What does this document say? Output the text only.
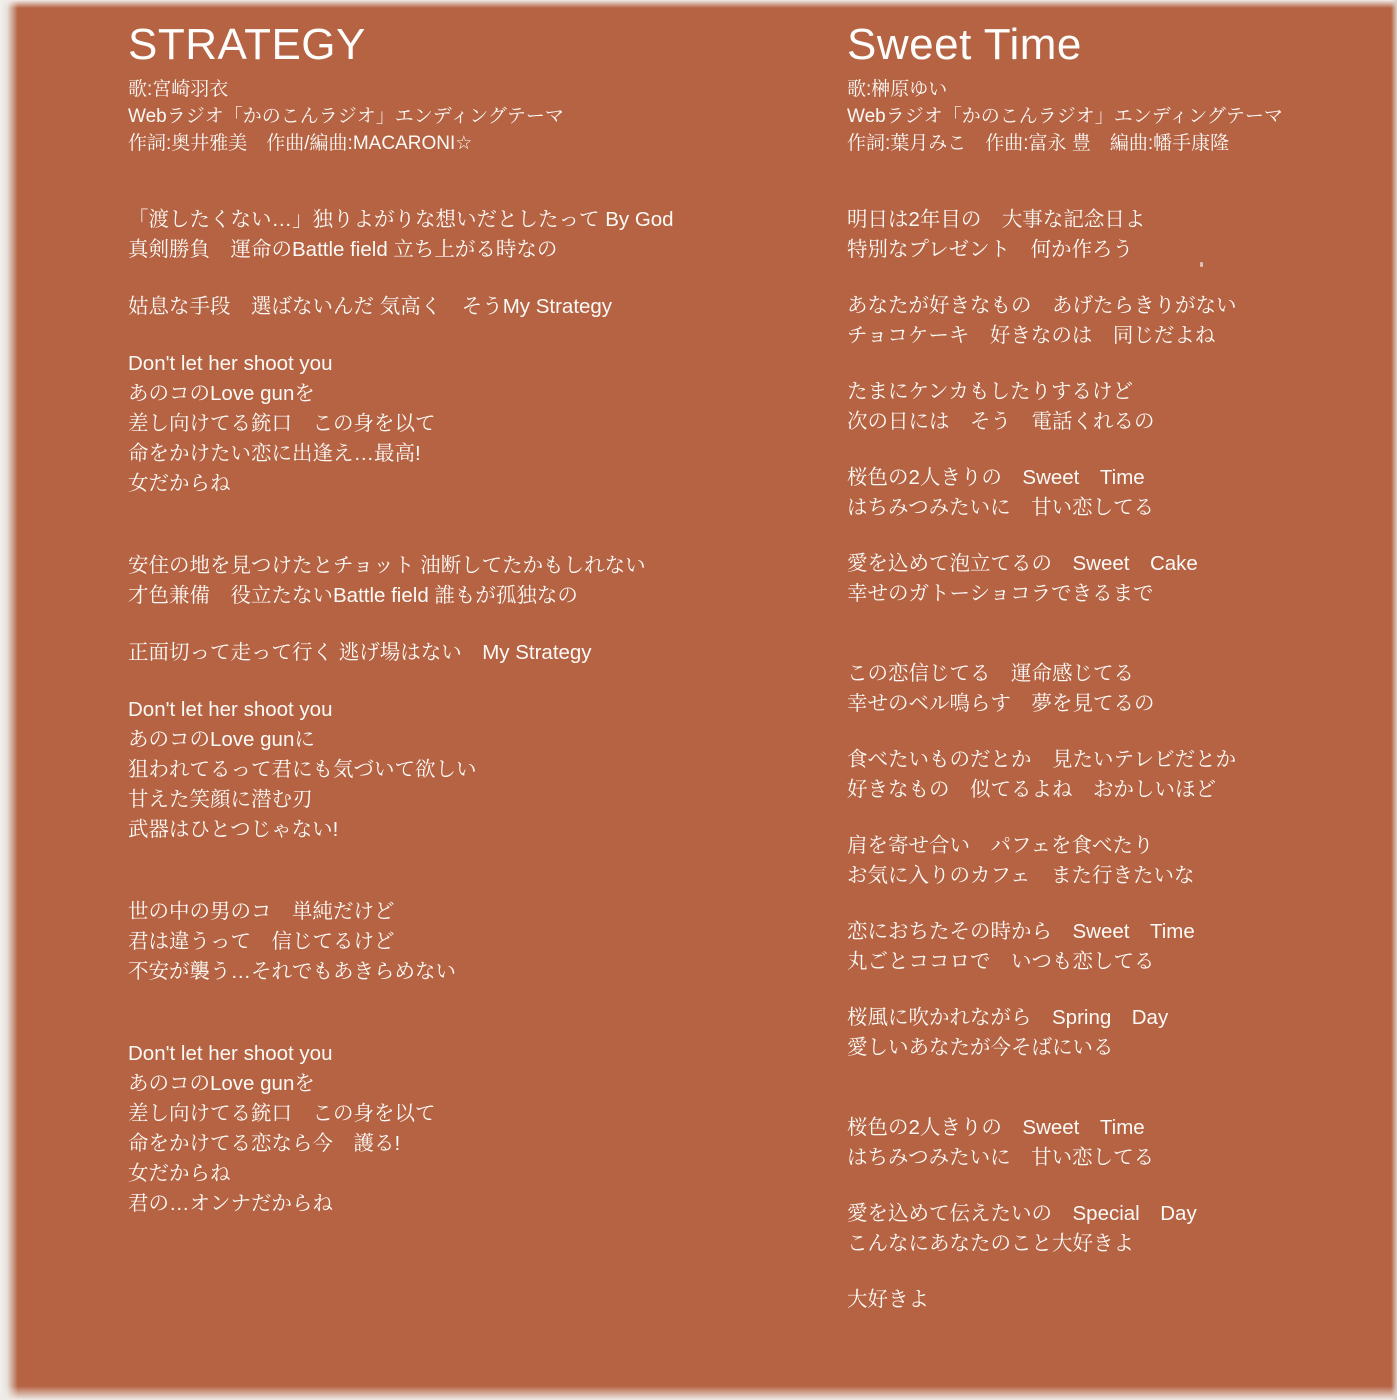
STRATEGY
歌:宮崎羽衣
Webラジオ「かのこんラジオ」エンディングテーマ
作詞:奥井雅美　作曲/編曲:MACARONI☆
「渡したくない…」独りよがりな想いだとしたって By God
真剣勝負　運命のBattle field 立ち上がる時なの
姑息な手段　選ばないんだ 気高く　そうMy Strategy
Don't let her shoot you
あのコのLove gunを
差し向けてる銃口　この身を以て
命をかけたい恋に出逢え…最高!
女だからね
安住の地を見つけたとチョット 油断してたかもしれない
才色兼備　役立たないBattle field 誰もが孤独なの
正面切って走って行く 逃げ場はない　My Strategy
Don't let her shoot you
あのコのLove gunに
狙われてるって君にも気づいて欲しい
甘えた笑顔に潜む刃
武器はひとつじゃない!
世の中の男のコ　単純だけど
君は違うって　信じてるけど
不安が襲う…それでもあきらめない
Don't let her shoot you
あのコのLove gunを
差し向けてる銃口　この身を以て
命をかけてる恋なら今　護る!
女だからね
君の…オンナだからね
Sweet Time
歌:榊原ゆい
Webラジオ「かのこんラジオ」エンディングテーマ
作詞:葉月みこ　作曲:富永 豊　編曲:幡手康隆
明日は2年目の　大事な記念日よ
特別なプレゼント　何か作ろう
あなたが好きなもの　あげたらきりがない
チョコケーキ　好きなのは　同じだよね
たまにケンカもしたりするけど
次の日には　そう　電話くれるの
桜色の2人きりの　Sweet　Time
はちみつみたいに　甘い恋してる
愛を込めて泡立てるの　Sweet　Cake
幸せのガトーショコラできるまで
この恋信じてる　運命感じてる
幸せのベル鳴らす　夢を見てるの
食べたいものだとか　見たいテレビだとか
好きなもの　似てるよね　おかしいほど
肩を寄せ合い　パフェを食べたり
お気に入りのカフェ　また行きたいな
恋におちたその時から　Sweet　Time
丸ごとココロで　いつも恋してる
桜風に吹かれながら　Spring　Day
愛しいあなたが今そばにいる
桜色の2人きりの　Sweet　Time
はちみつみたいに　甘い恋してる
愛を込めて伝えたいの　Special　Day
こんなにあなたのこと大好きよ
大好きよ
